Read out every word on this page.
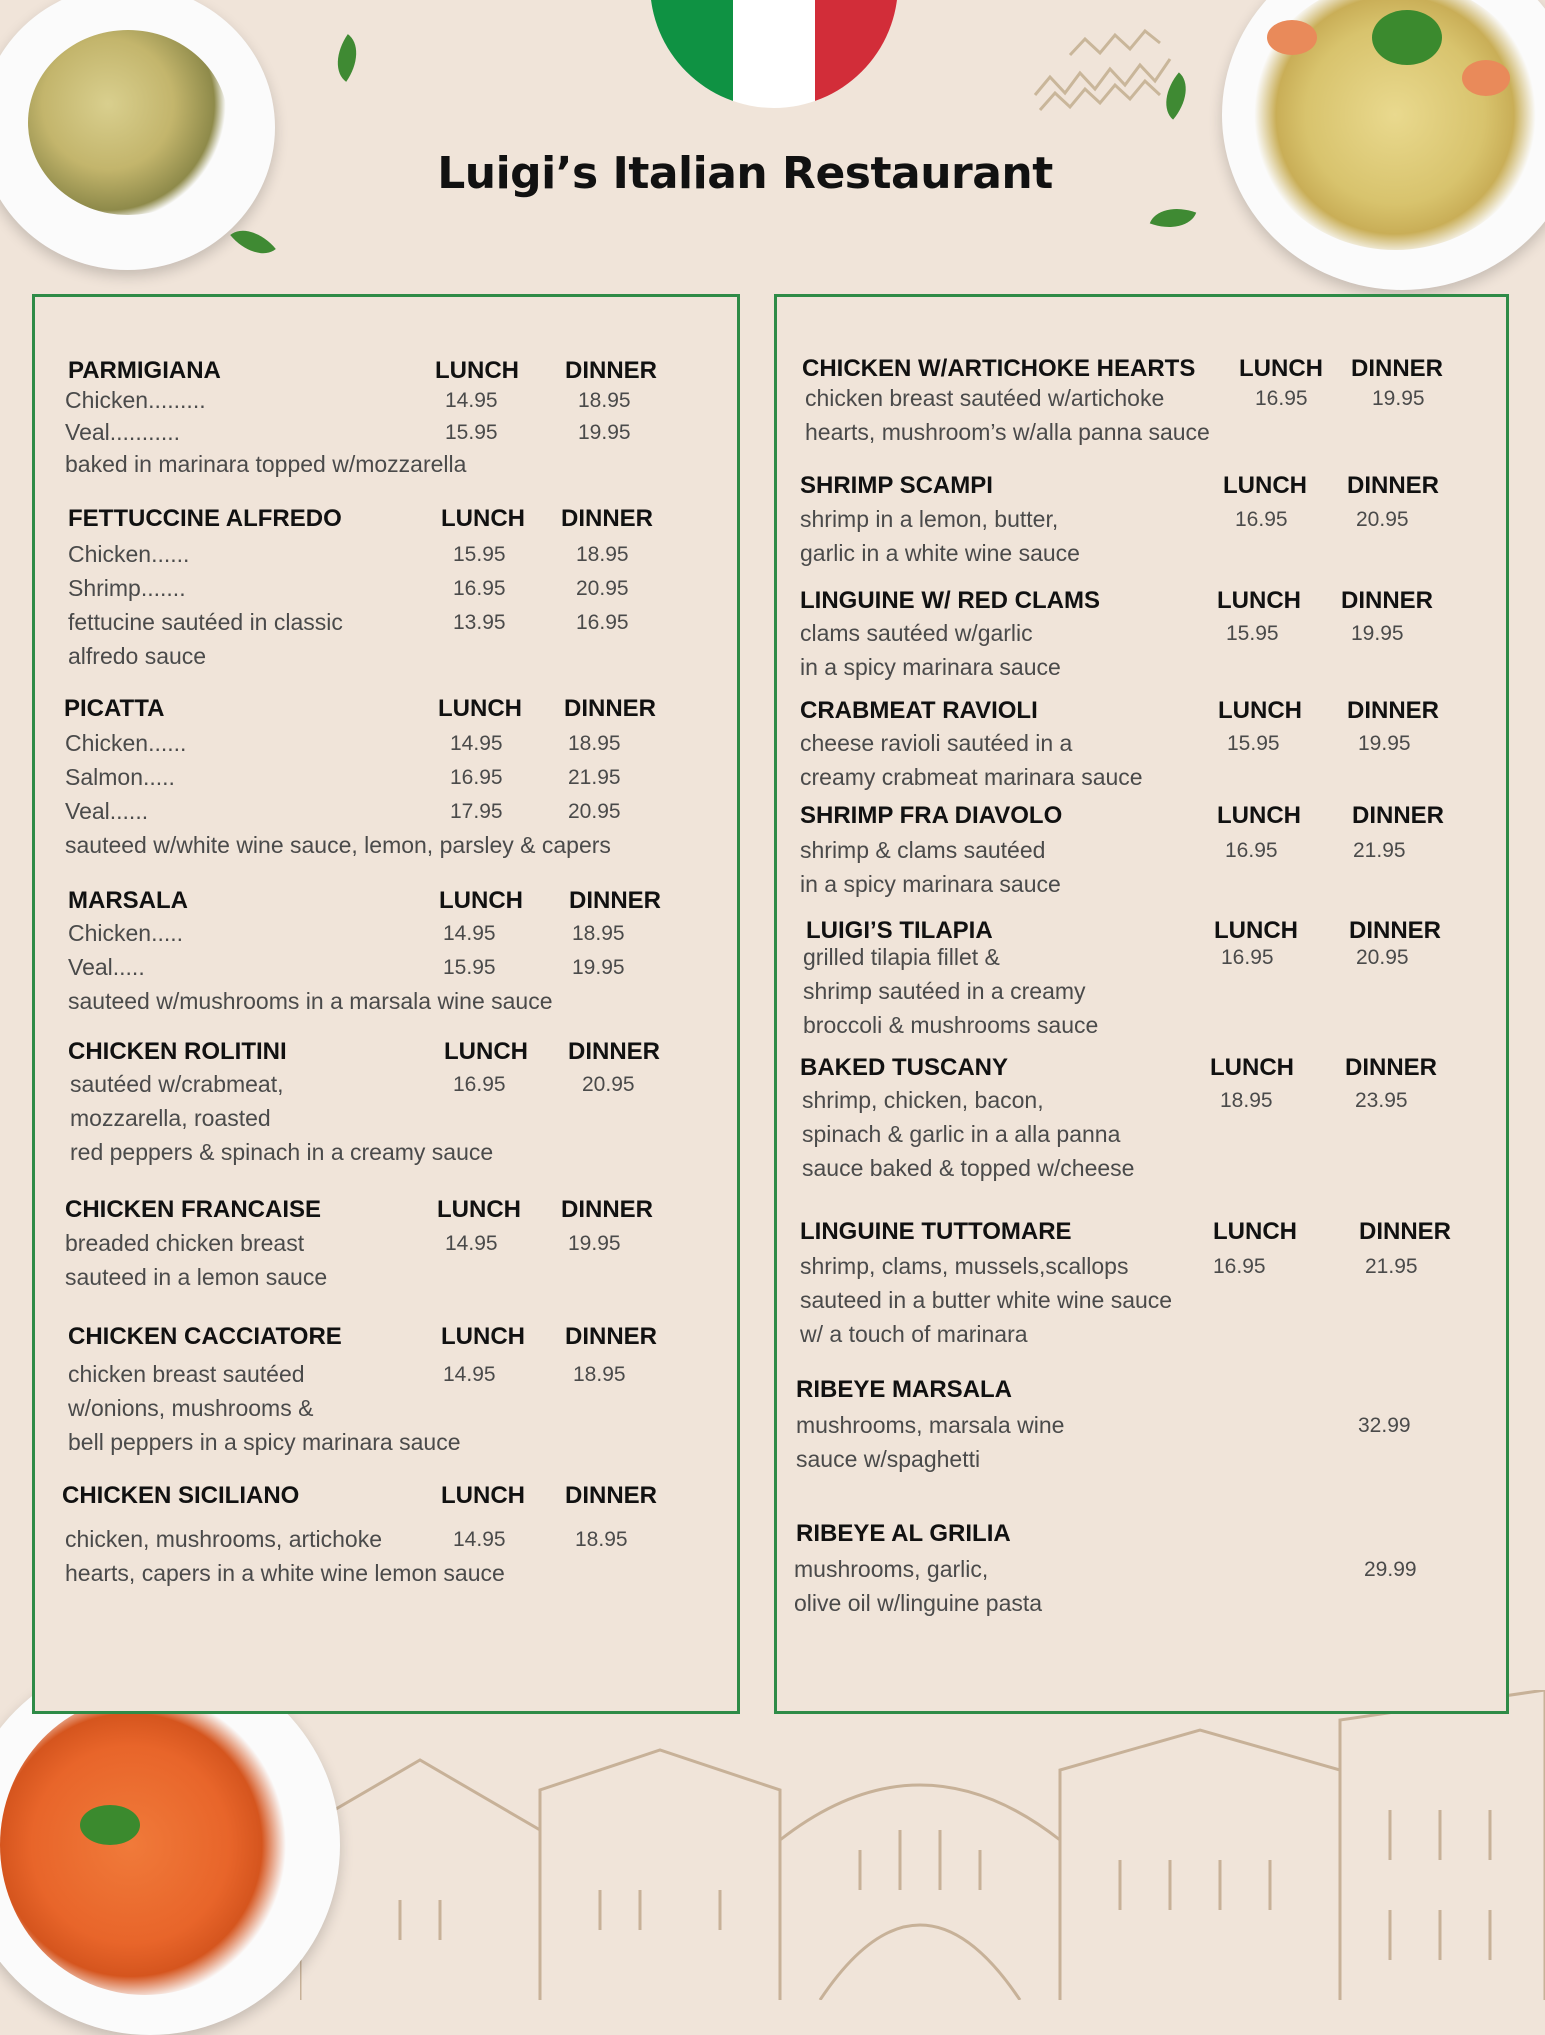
Luigi’s Italian Restaurant
PARMIGIANA	LUNCH DINNER
Chicken.........	14.95	18.95
Veal...........	15.95	19.95
baked in marinara topped w/mozzarella
FETTUCCINE ALFREDO	LUNCH DINNER
Chicken......	15.95	18.95
Shrimp.......	16.95	20.95
fettucine sautéed in classic	13.95	16.95
alfredo sauce
PICATTA	LUNCH DINNER
Chicken......	14.95	18.95
Salmon.....	16.95	21.95
Veal......	17.95	20.95
sauteed w/white wine sauce, lemon, parsley & capers
MARSALA	LUNCH DINNER
Chicken.....	14.95	18.95
Veal.....	15.95	19.95
sauteed w/mushrooms in a marsala wine sauce
CHICKEN ROLITINI	LUNCH DINNER
sautéed w/crabmeat,	16.95	20.95
mozzarella, roasted
red peppers & spinach in a creamy sauce
CHICKEN FRANCAISE	LUNCH DINNER
breaded chicken breast	14.95	19.95
sauteed in a lemon sauce
CHICKEN CACCIATORE	LUNCH DINNER
chicken breast sautéed	14.95	18.95
w/onions, mushrooms &
bell peppers in a spicy marinara sauce
CHICKEN SICILIANO	LUNCH DINNER
chicken, mushrooms, artichoke	14.95	18.95
hearts, capers in a white wine lemon sauce
CHICKEN W/ARTICHOKE HEARTS LUNCH DINNER
chicken breast sautéed w/artichoke	16.95	19.95
hearts, mushroom’s w/alla panna sauce
SHRIMP SCAMPI	LUNCH DINNER
shrimp in a lemon, butter,	16.95	20.95
garlic in a white wine sauce
LINGUINE W/ RED CLAMS	LUNCH DINNER
clams sautéed w/garlic	15.95	19.95
in a spicy marinara sauce
CRABMEAT RAVIOLI	LUNCH DINNER
cheese ravioli sautéed in a	15.95	19.95
creamy crabmeat marinara sauce
SHRIMP FRA DIAVOLO	LUNCH DINNER
shrimp & clams sautéed	16.95	21.95
in a spicy marinara sauce
LUIGI’S TILAPIA	LUNCH DINNER
grilled tilapia fillet &	16.95	20.95
shrimp sautéed in a creamy
broccoli & mushrooms sauce
BAKED TUSCANY	LUNCH DINNER
shrimp, chicken, bacon,	18.95	23.95
spinach & garlic in a alla panna
sauce baked & topped w/cheese
LINGUINE TUTTOMARE	LUNCH	DINNER
shrimp, clams, mussels,scallops	16.95	21.95
sauteed in a butter white wine sauce
w/ a touch of marinara
RIBEYE MARSALA
mushrooms, marsala wine	32.99
sauce w/spaghetti
RIBEYE AL GRILIA
mushrooms, garlic,	29.99
olive oil w/linguine pasta
